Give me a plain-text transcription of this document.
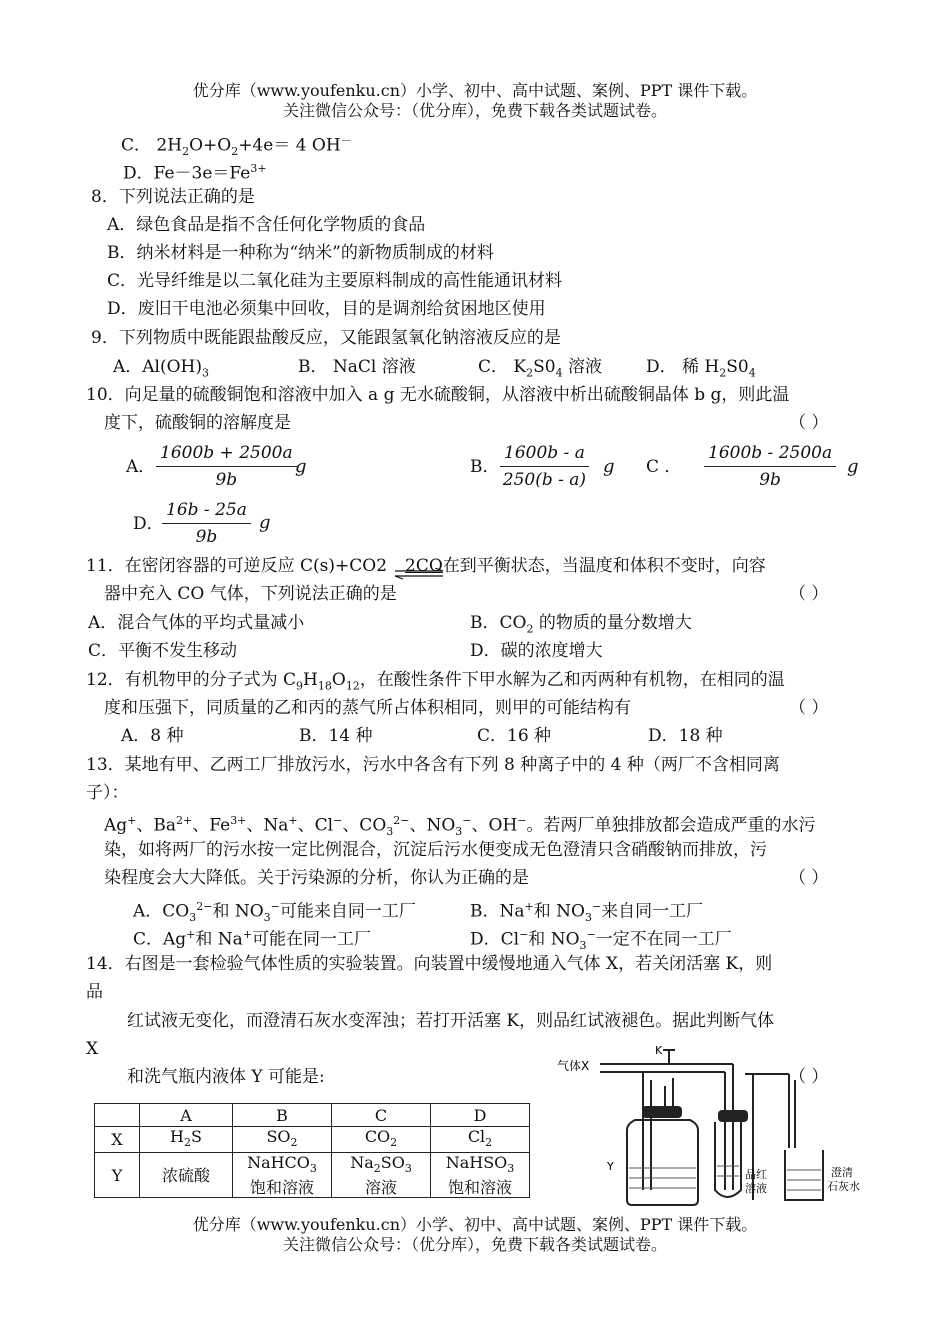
优分库（www.youfenku.cn）小学、初中、高中试题、案例、PPT 课件下载。
关注微信公众号：（优分库），免费下载各类试题试卷。
C． $2H_2O+O_2+4e= 4$ OH－
D．$Fe-3e=Fe^{3+}$
8．下列说法正确的是
A．绿色食品是指不含任何化学物质的食品
B．纳米材料是一种称为“纳米”的新物质制成的材料
C．光导纤维是以二氧化硅为主要原料制成的高性能通讯材料
D．废旧干电池必须集中回收，目的是调剂给贫困地区使用
9．下列物质中既能跟盐酸反应，又能跟氢氧化钠溶液反应的是
A．$Al(OH)_3$	B． NaCl 溶液	C． $K_2S0_4$ 溶液	D． 稀 $H_2S0_4$
10．向足量的硫酸铜饱和溶液中加入 a g 无水硫酸铜，从溶液中析出硫酸铜晶体 b g，则此温
度下，硫酸铜的溶解度是	（ ）
A． $\frac{1600b + 2500a}{9b}$
g	B． $\frac{1600b - a}{250(b - a)}$ g C ． $\frac{1600b - 2500a}{9b}$ g
D．
$\frac{16b - 25a}{9b}$ g
11．在密闭容器的可逆反应 C(s)+CO2 2CO
在到平衡状态，当温度和体积不变时，向容
器中充入 CO 气体，下列说法正确的是	（ ）
A．混合气体的平均式量减小	B．$CO_2$ 的物质的量分数增大
C．平衡不发生移动	D．碳的浓度增大
12．有机物甲的分子式为 $C_9H_{18}O_{12}$，在酸性条件下甲水解为乙和丙两种有机物，在相同的温
度和压强下，同质量的乙和丙的蒸气所占体积相同，则甲的可能结构有	（ ）
A．8 种	B．14 种	C．16 种	D．18 种
13．某地有甲、乙两工厂排放污水，污水中各含有下列 8 种离子中的 4 种（两厂不含相同离
子）：
Ag+、$Ba^{2+}$、$Fe^{3+}$、Na+、Cl−、$CO_3^{2-}$、$NO_3^-$、OH−。若两厂单独排放都会造成严重的水污
染，如将两厂的污水按一定比例混合，沉淀后污水便变成无色澄清只含硝酸钠而排放，污
染程度会大大降低。关于污染源的分析，你认为正确的是	（ ）
A．$CO_3^{2-}$和 $NO_3^-$可能来自同一工厂	B．Na+和 $NO_3^-$来自同一工厂
C．Ag+和 Na+可能在同一工厂	D．Cl−和 $NO_3^-$一定不在同一工厂
14．右图是一套检验气体性质的实验装置。向装置中缓慢地通入气体 X，若关闭活塞 K，则
品
红试液无变化，而澄清石灰水变浑浊；若打开活塞 K，则品红试液褪色。据此判断气体
X
和洗气瓶内液体 Y 可能是:	（ ）
	A	B	C	D
X	$H_2S$	$SO_2$	$CO_2$	$Cl_2$
Y	浓硫酸	NaHCO$_3$
饱和溶液	$Na_2SO_3$
溶液	NaHSO$_3$
饱和溶液
气体X
K
Y
品红
溶液
澄清
石灰水
优分库（www.youfenku.cn）小学、初中、高中试题、案例、PPT 课件下载。
关注微信公众号：（优分库），免费下载各类试题试卷。
